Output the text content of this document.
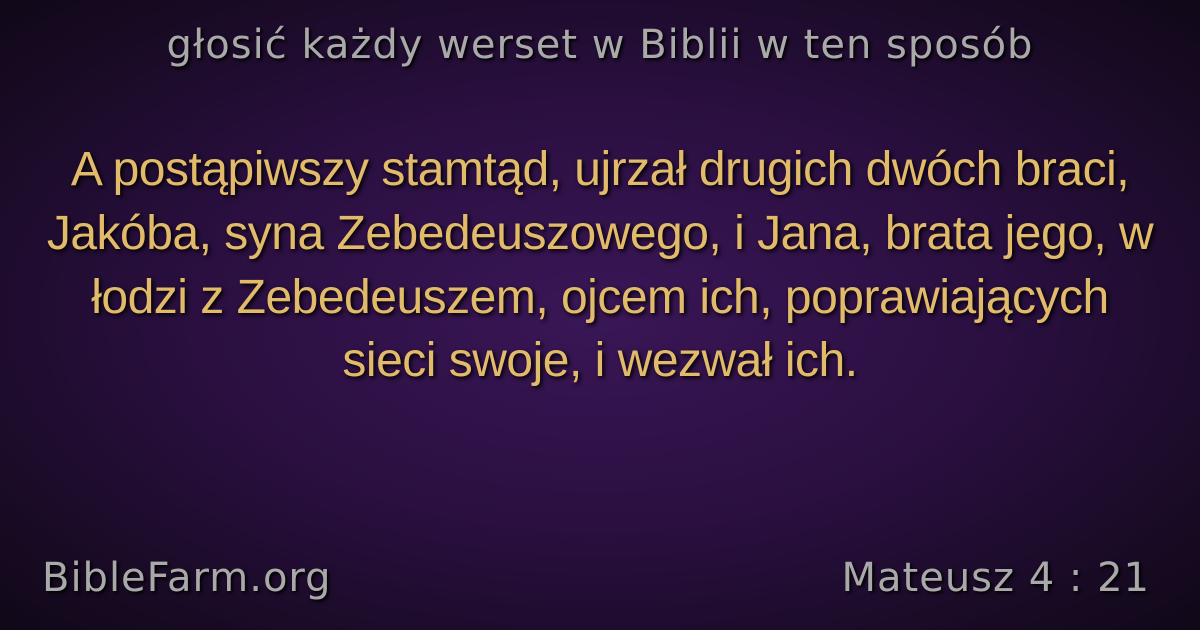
głosić każdy werset w Biblii w ten sposób
A postąpiwszy stamtąd, ujrzał drugich dwóch braci, Jakóba, syna Zebedeuszowego, i Jana, brata jego, w łodzi z Zebedeuszem, ojcem ich, poprawiających sieci swoje, i wezwał ich.
BibleFarm.org	Mateusz 4 : 21
